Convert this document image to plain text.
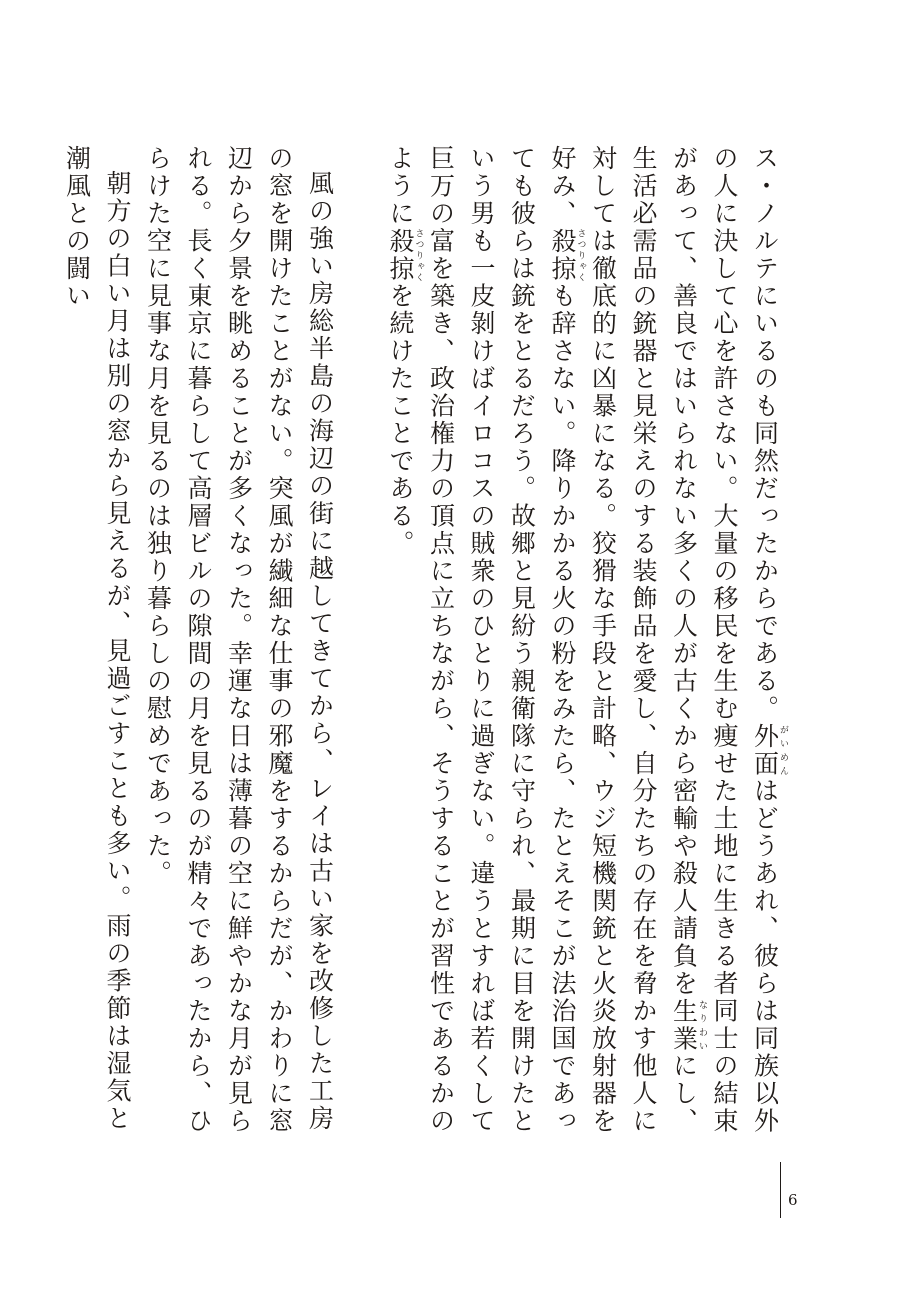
ス・ノルテにいるのも同然だったからである。外面がいめんはどうあれ、彼らは同族以外の人に決して心を許さない。大量の移民を生む痩せた土地に生きる者同士の結束があって、善良ではいられない多くの人が古くから密輸や殺人請負を生業なりわいにし、生活必需品の銃器と見栄えのする装飾品を愛し、自分たちの存在を脅かす他人に対しては徹底的に凶暴になる。狡猾な手段と計略、ウジ短機関銃と火炎放射器を好み、殺掠さつりゃくも辞さない。降りかかる火の粉をみたら、たとえそこが法治国であっても彼らは銃をとるだろう。故郷と見紛う親衛隊に守られ、最期に目を開けたという男も一皮剝けばイロコスの賊衆のひとりに過ぎない。違うとすれば若くして巨万の富を築き、政治権力の頂点に立ちながら、そうすることが習性であるかのように殺掠さつりゃくを続けたことである。

風の強い房総半島の海辺の街に越してきてから、レイは古い家を改修した工房の窓を開けたことがない。突風が繊細な仕事の邪魔をするからだが、かわりに窓辺から夕景を眺めることが多くなった。幸運な日は薄暮の空に鮮やかな月が見られる。長く東京に暮らして高層ビルの隙間の月を見るのが精々であったから、ひらけた空に見事な月を見るのは独り暮らしの慰めであった。

朝方の白い月は別の窓から見えるが、見過ごすことも多い。雨の季節は湿気と潮風との闘い

6
